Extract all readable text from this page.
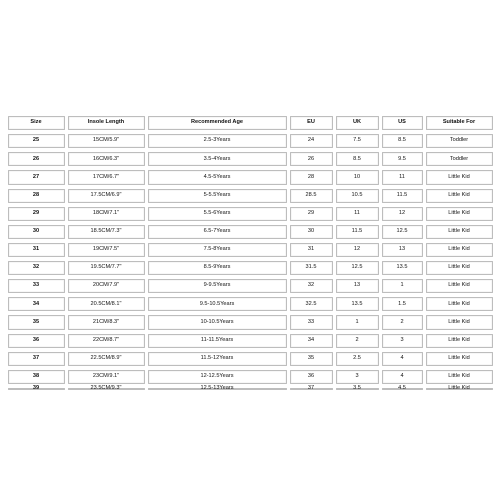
Size	Insole Length	Recommended Age	EU	UK	US	Suitable For
25	15CM/5.9"	2.5-3Years	24	7.5	8.5	Toddler
26	16CM/6.3"	3.5-4Years	26	8.5	9.5	Toddler
27	17CM/6.7"	4.5-5Years	28	10	11	Little Kid
28	17.5CM/6.9"	5-5.5Years	28.5	10.5	11.5	Little Kid
29	18CM/7.1"	5.5-6Years	29	11	12	Little Kid
30	18.5CM/7.3"	6.5-7Years	30	11.5	12.5	Little Kid
31	19CM/7.5"	7.5-8Years	31	12	13	Little Kid
32	19.5CM/7.7"	8.5-9Years	31.5	12.5	13.5	Little Kid
33	20CM/7.9"	9-9.5Years	32	13	1	Little Kid
34	20.5CM/8.1"	9.5-10.5Years	32.5	13.5	1.5	Little Kid
35	21CM/8.3"	10-10.5Years	33	1	2	Little Kid
36	22CM/8.7"	11-11.5Years	34	2	3	Little Kid
37	22.5CM/8.9"	11.5-12Years	35	2.5	4	Little Kid
38	23CM/9.1"	12-12.5Years	36	3	4	Little Kid
39	23.5CM/9.3"	12.5-13Years	37	3.5	4.5	Little Kid
